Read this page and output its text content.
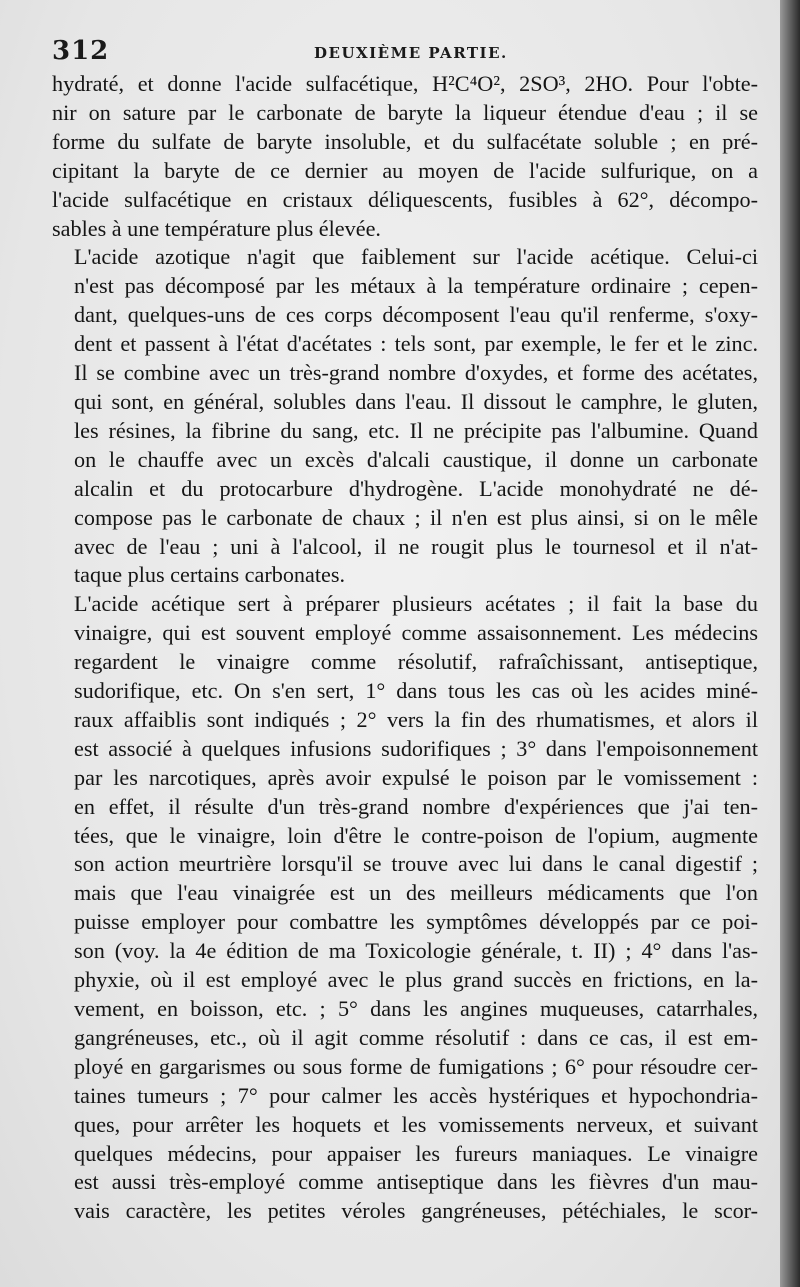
312	DEUXIÈME PARTIE.

hydraté, et donne l'acide sulfacétique, H²C⁴O², 2SO³, 2HO. Pour l'obte-
nir on sature par le carbonate de baryte la liqueur étendue d'eau ; il se
forme du sulfate de baryte insoluble, et du sulfacétate soluble ; en pré-
cipitant la baryte de ce dernier au moyen de l'acide sulfurique, on a
l'acide sulfacétique en cristaux déliquescents, fusibles à 62°, décompo-
sables à une température plus élevée.

L'acide azotique n'agit que faiblement sur l'acide acétique. Celui-ci
n'est pas décomposé par les métaux à la température ordinaire ; cepen-
dant, quelques-uns de ces corps décomposent l'eau qu'il renferme, s'oxy-
dent et passent à l'état d'acétates : tels sont, par exemple, le fer et le zinc.
Il se combine avec un très-grand nombre d'oxydes, et forme des acétates,
qui sont, en général, solubles dans l'eau. Il dissout le camphre, le gluten,
les résines, la fibrine du sang, etc. Il ne précipite pas l'albumine. Quand
on le chauffe avec un excès d'alcali caustique, il donne un carbonate
alcalin et du protocarbure d'hydrogène. L'acide monohydraté ne dé-
compose pas le carbonate de chaux ; il n'en est plus ainsi, si on le mêle
avec de l'eau ; uni à l'alcool, il ne rougit plus le tournesol et il n'at-
taque plus certains carbonates.

L'acide acétique sert à préparer plusieurs acétates ; il fait la base du
vinaigre, qui est souvent employé comme assaisonnement. Les médecins
regardent le vinaigre comme résolutif, rafraîchissant, antiseptique,
sudorifique, etc. On s'en sert, 1° dans tous les cas où les acides miné-
raux affaiblis sont indiqués ; 2° vers la fin des rhumatismes, et alors il
est associé à quelques infusions sudorifiques ; 3° dans l'empoisonnement
par les narcotiques, après avoir expulsé le poison par le vomissement :
en effet, il résulte d'un très-grand nombre d'expériences que j'ai ten-
tées, que le vinaigre, loin d'être le contre-poison de l'opium, augmente
son action meurtrière lorsqu'il se trouve avec lui dans le canal digestif ;
mais que l'eau vinaigrée est un des meilleurs médicaments que l'on
puisse employer pour combattre les symptômes développés par ce poi-
son (voy. la 4e édition de ma Toxicologie générale, t. II) ; 4° dans l'as-
phyxie, où il est employé avec le plus grand succès en frictions, en la-
vement, en boisson, etc. ; 5° dans les angines muqueuses, catarrhales,
gangréneuses, etc., où il agit comme résolutif : dans ce cas, il est em-
ployé en gargarismes ou sous forme de fumigations ; 6° pour résoudre cer-
taines tumeurs ; 7° pour calmer les accès hystériques et hypochondria-
ques, pour arrêter les hoquets et les vomissements nerveux, et suivant
quelques médecins, pour appaiser les fureurs maniaques. Le vinaigre
est aussi très-employé comme antiseptique dans les fièvres d'un mau-
vais caractère, les petites véroles gangréneuses, pétéchiales, le scor-
